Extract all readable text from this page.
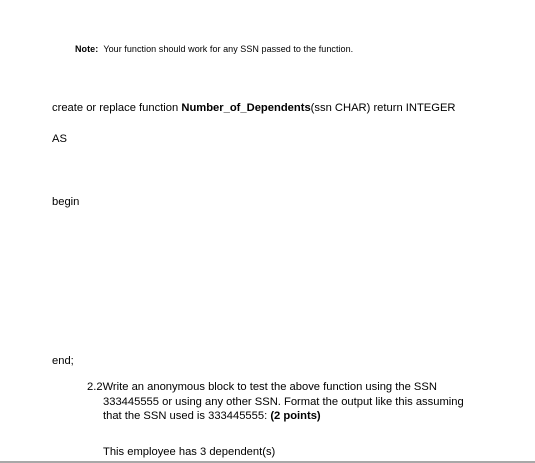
Note: Your function should work for any SSN passed to the function.
create or replace function Number_of_Dependents(ssn CHAR) return INTEGER
AS
begin
end;
2.2Write an anonymous block to test the above function using the SSN
333445555 or using any other SSN. Format the output like this assuming
that the SSN used is 333445555: (2 points)
This employee has 3 dependent(s)
